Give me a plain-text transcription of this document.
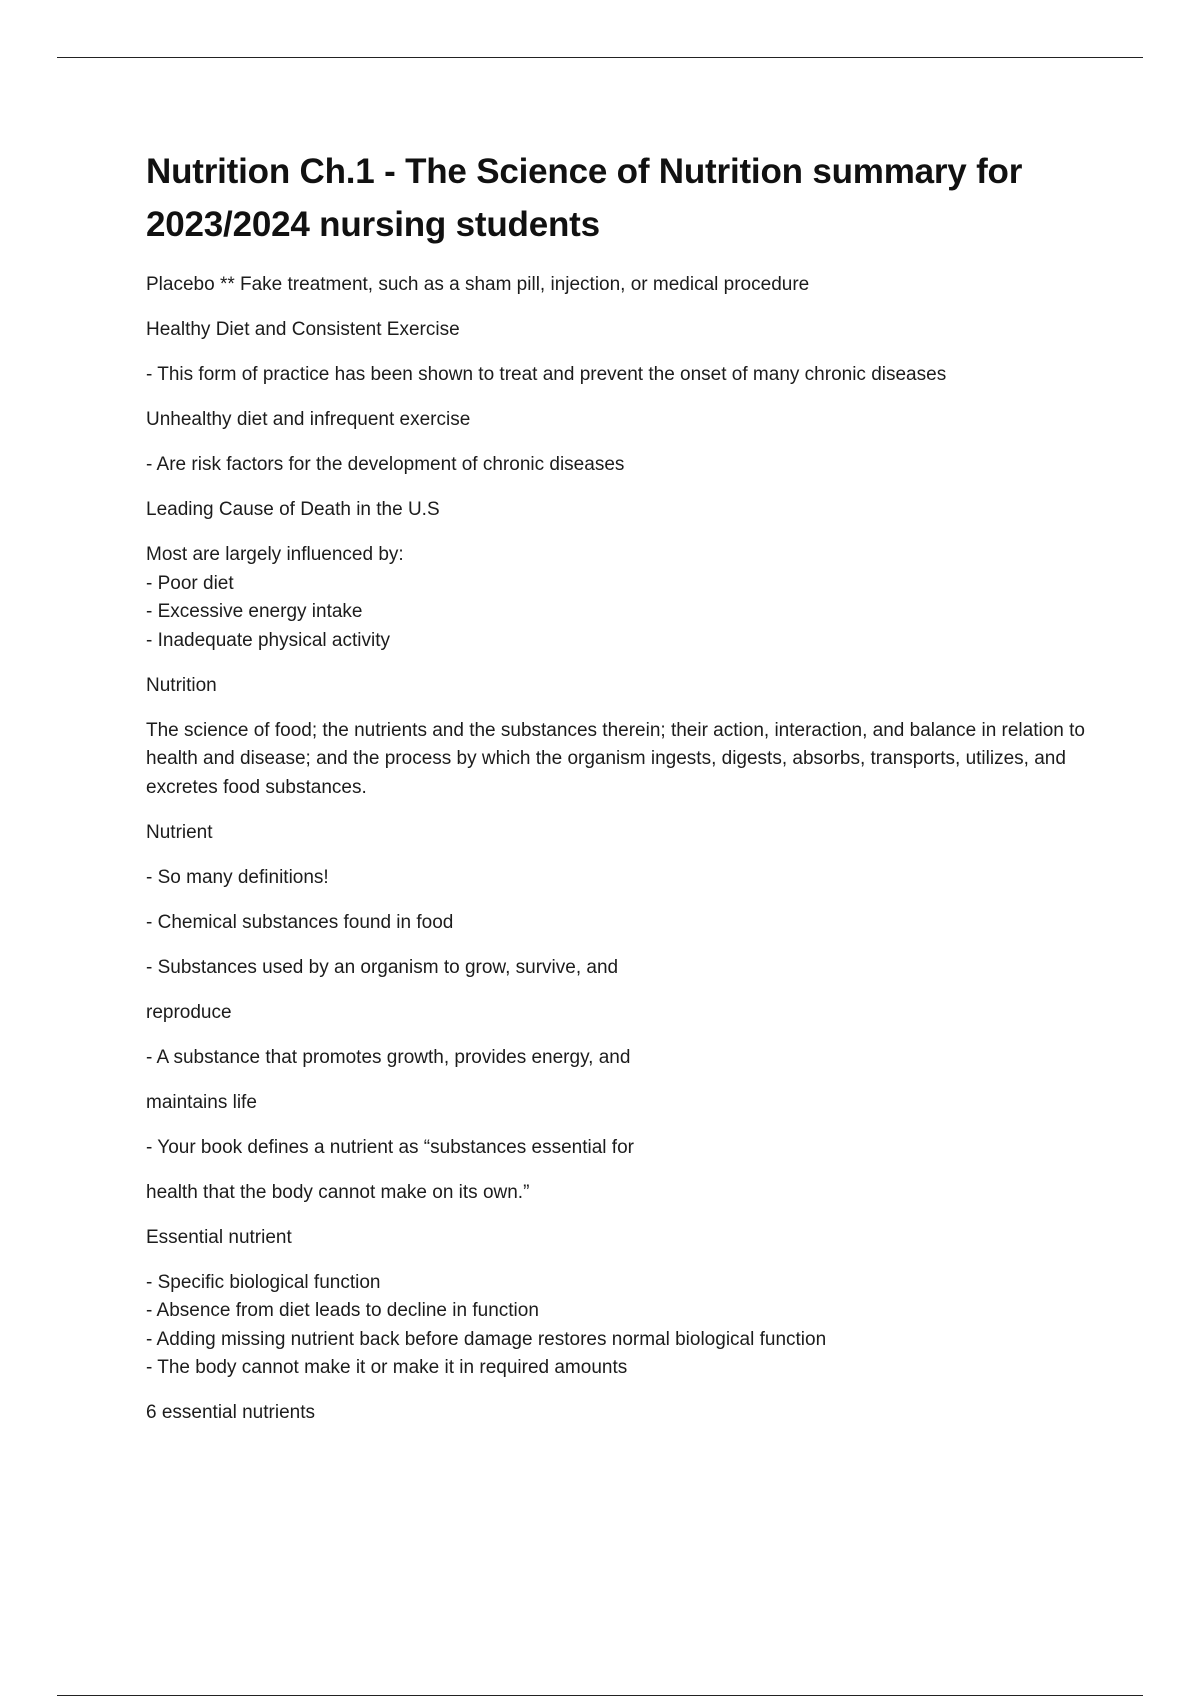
Nutrition Ch.1 - The Science of Nutrition summary for 2023/2024 nursing students
Placebo ** Fake treatment, such as a sham pill, injection, or medical procedure
Healthy Diet and Consistent Exercise
- This form of practice has been shown to treat and prevent the onset of many chronic diseases
Unhealthy diet and infrequent exercise
- Are risk factors for the development of chronic diseases
Leading Cause of Death in the U.S
Most are largely influenced by:
- Poor diet
- Excessive energy intake
- Inadequate physical activity
Nutrition
The science of food; the nutrients and the substances therein; their action, interaction, and balance in relation to health and disease; and the process by which the organism ingests, digests, absorbs, transports, utilizes, and excretes food substances.
Nutrient
- So many definitions!
- Chemical substances found in food
- Substances used by an organism to grow, survive, and
reproduce
- A substance that promotes growth, provides energy, and
maintains life
- Your book defines a nutrient as “substances essential for
health that the body cannot make on its own.”
Essential nutrient
- Specific biological function
- Absence from diet leads to decline in function
- Adding missing nutrient back before damage restores normal biological function
- The body cannot make it or make it in required amounts
6 essential nutrients
